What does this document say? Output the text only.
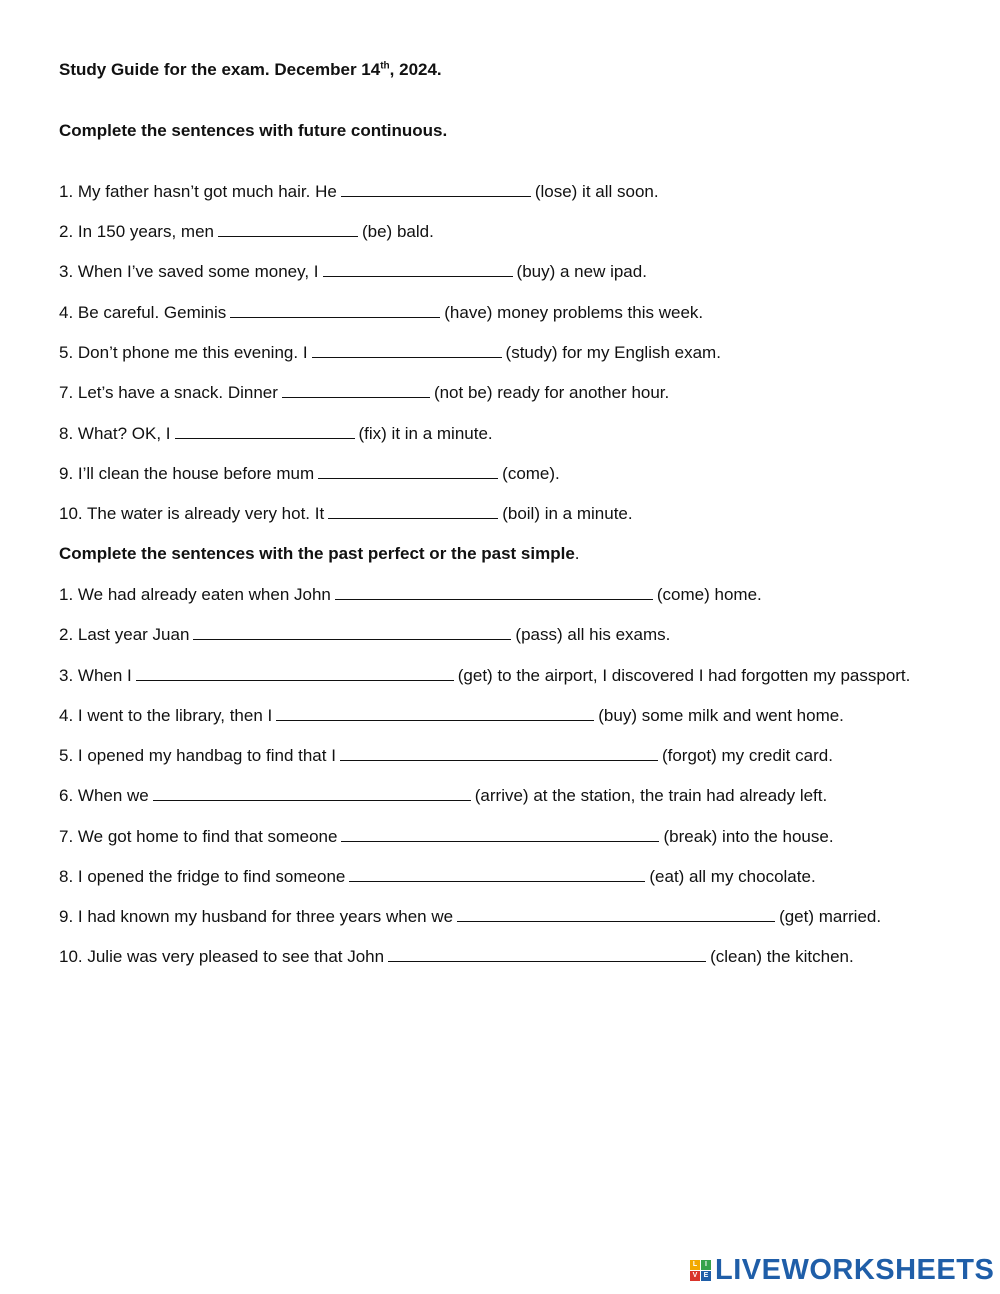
Study Guide for the exam. December 14th, 2024.
Complete the sentences with future continuous.
1. My father hasn’t got much hair. He	(lose) it all soon.
2. In 150 years, men	(be) bald.
3. When I’ve saved some money, I	(buy) a new ipad.
4. Be careful. Geminis	(have) money problems this week.
5. Don’t phone me this evening. I	(study) for my English exam.
7. Let’s have a snack. Dinner	(not be) ready for another hour.
8. What? OK, I	(fix) it in a minute.
9. I’ll clean the house before mum	(come).
10. The water is already very hot. It	(boil) in a minute.
Complete the sentences with the past perfect or the past simple.
1. We had already eaten when John	(come) home.
2. Last year Juan	(pass) all his exams.
3. When I	(get) to the airport, I discovered I had forgotten my passport.
4. I went to the library, then I	(buy) some milk and went home.
5. I opened my handbag to find that I	(forgot) my credit card.
6. When we	(arrive) at the station, the train had already left.
7. We got home to find that someone	(break) into the house.
8. I opened the fridge to find someone	(eat) all my chocolate.
9. I had known my husband for three years when we	(get) married.
10. Julie was very pleased to see that John	(clean) the kitchen.
L	I
V E LIVEWORKSHEETS
